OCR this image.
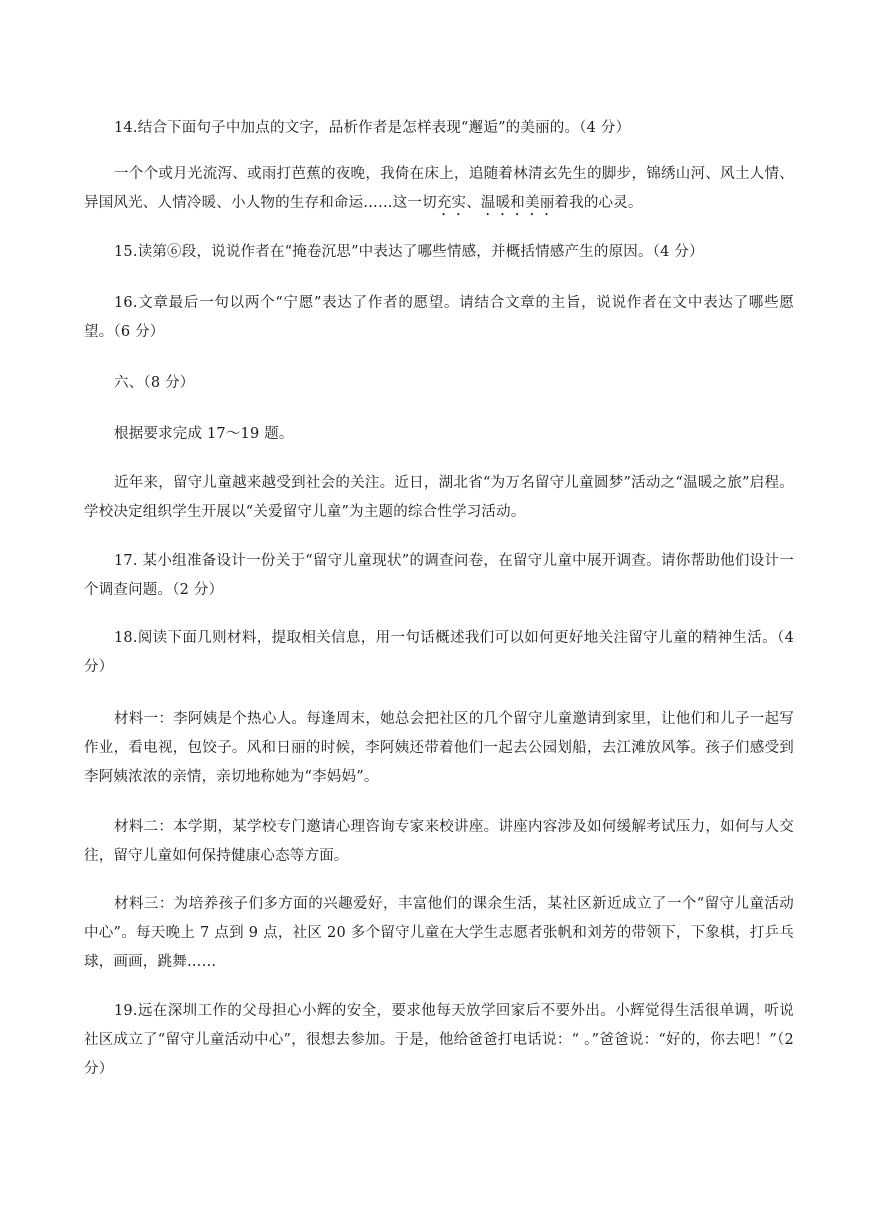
14.结合下面句子中加点的文字，品析作者是怎样表现“邂逅”的美丽的。（4 分）

一个个或月光流泻、或雨打芭蕉的夜晚，我倚在床上，追随着林清玄先生的脚步，锦绣山河、风土人情、异国风光、人情冷暖、小人物的生存和命运……这一切充实、温暖和美丽着我的心灵。

15.读第⑥段，说说作者在“掩卷沉思”中表达了哪些情感，并概括情感产生的原因。（4 分）

16.文章最后一句以两个“宁愿”表达了作者的愿望。请结合文章的主旨，说说作者在文中表达了哪些愿望。（6 分）

六、（8 分）

根据要求完成 17～19 题。

近年来，留守儿童越来越受到社会的关注。近日，湖北省“为万名留守儿童圆梦”活动之“温暖之旅”启程。学校决定组织学生开展以“关爱留守儿童”为主题的综合性学习活动。

17. 某小组准备设计一份关于“留守儿童现状”的调查问卷，在留守儿童中展开调查。请你帮助他们设计一个调查问题。（2 分）

18.阅读下面几则材料，提取相关信息，用一句话概述我们可以如何更好地关注留守儿童的精神生活。（4 分）

材料一：李阿姨是个热心人。每逢周末，她总会把社区的几个留守儿童邀请到家里，让他们和儿子一起写作业，看电视，包饺子。风和日丽的时候，李阿姨还带着他们一起去公园划船，去江滩放风筝。孩子们感受到李阿姨浓浓的亲情，亲切地称她为“李妈妈”。

材料二：本学期，某学校专门邀请心理咨询专家来校讲座。讲座内容涉及如何缓解考试压力，如何与人交往，留守儿童如何保持健康心态等方面。

材料三：为培养孩子们多方面的兴趣爱好，丰富他们的课余生活，某社区新近成立了一个“留守儿童活动中心”。每天晚上 7 点到 9 点，社区 20 多个留守儿童在大学生志愿者张帆和刘芳的带领下，下象棋，打乒乓球，画画，跳舞……

19.远在深圳工作的父母担心小辉的安全，要求他每天放学回家后不要外出。小辉觉得生活很单调，听说社区成立了“留守儿童活动中心”，很想去参加。于是，他给爸爸打电话说：“ 。”爸爸说：“好的，你去吧！”（2 分）
